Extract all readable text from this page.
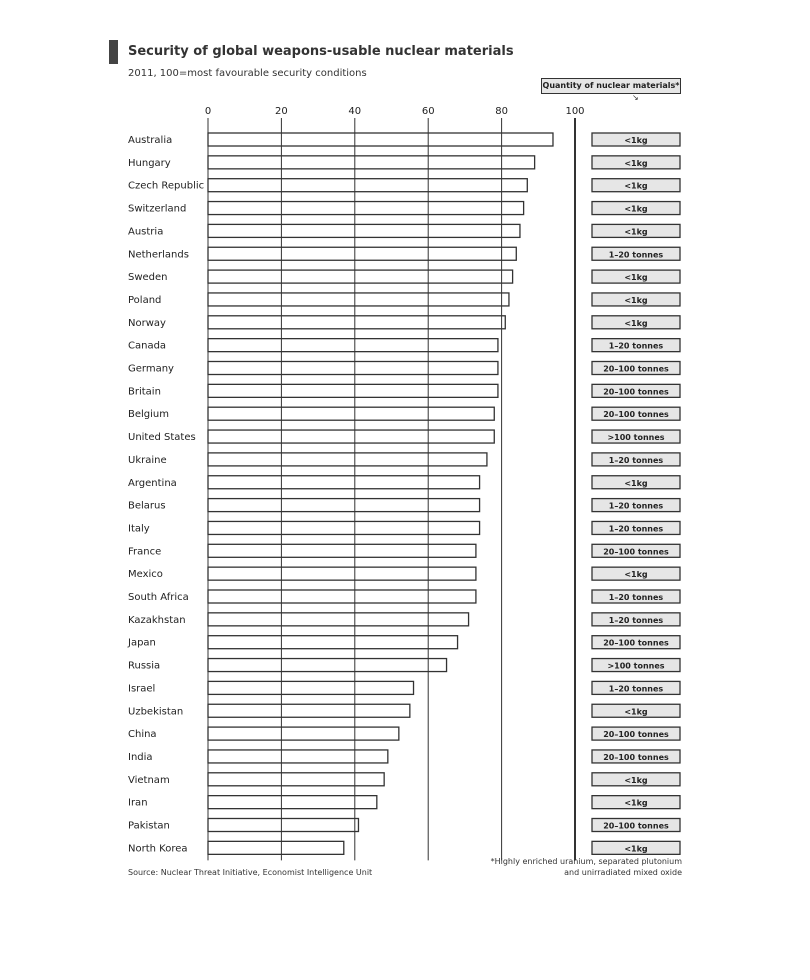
Security of global weapons-usable nuclear materials
2011, 100=most favourable security conditions
Quantity of nuclear materials*
↘
0	20	40	60	80	100
Australia	<1kg
Hungary	<1kg
Czech Republic	<1kg
Switzerland	<1kg
Austria	<1kg
Netherlands	1–20 tonnes
Sweden	<1kg
Poland	<1kg
Norway	<1kg
Canada	1–20 tonnes
Germany	20–100 tonnes
Britain	20–100 tonnes
Belgium	20–100 tonnes
United States	>100 tonnes
Ukraine	1–20 tonnes
Argentina	<1kg
Belarus	1–20 tonnes
Italy	1–20 tonnes
France	20–100 tonnes
Mexico	<1kg
South Africa	1–20 tonnes
Kazakhstan	1–20 tonnes
Japan	20–100 tonnes
Russia	>100 tonnes
Israel	1–20 tonnes
Uzbekistan	<1kg
China	20–100 tonnes
India	20–100 tonnes
Vietnam	<1kg
Iran	<1kg
Pakistan	20–100 tonnes
North Korea	<1kg
Source: Nuclear Threat Initiative, Economist Intelligence Unit
*Highly enriched uranium, separated plutonium
and unirradiated mixed oxide
